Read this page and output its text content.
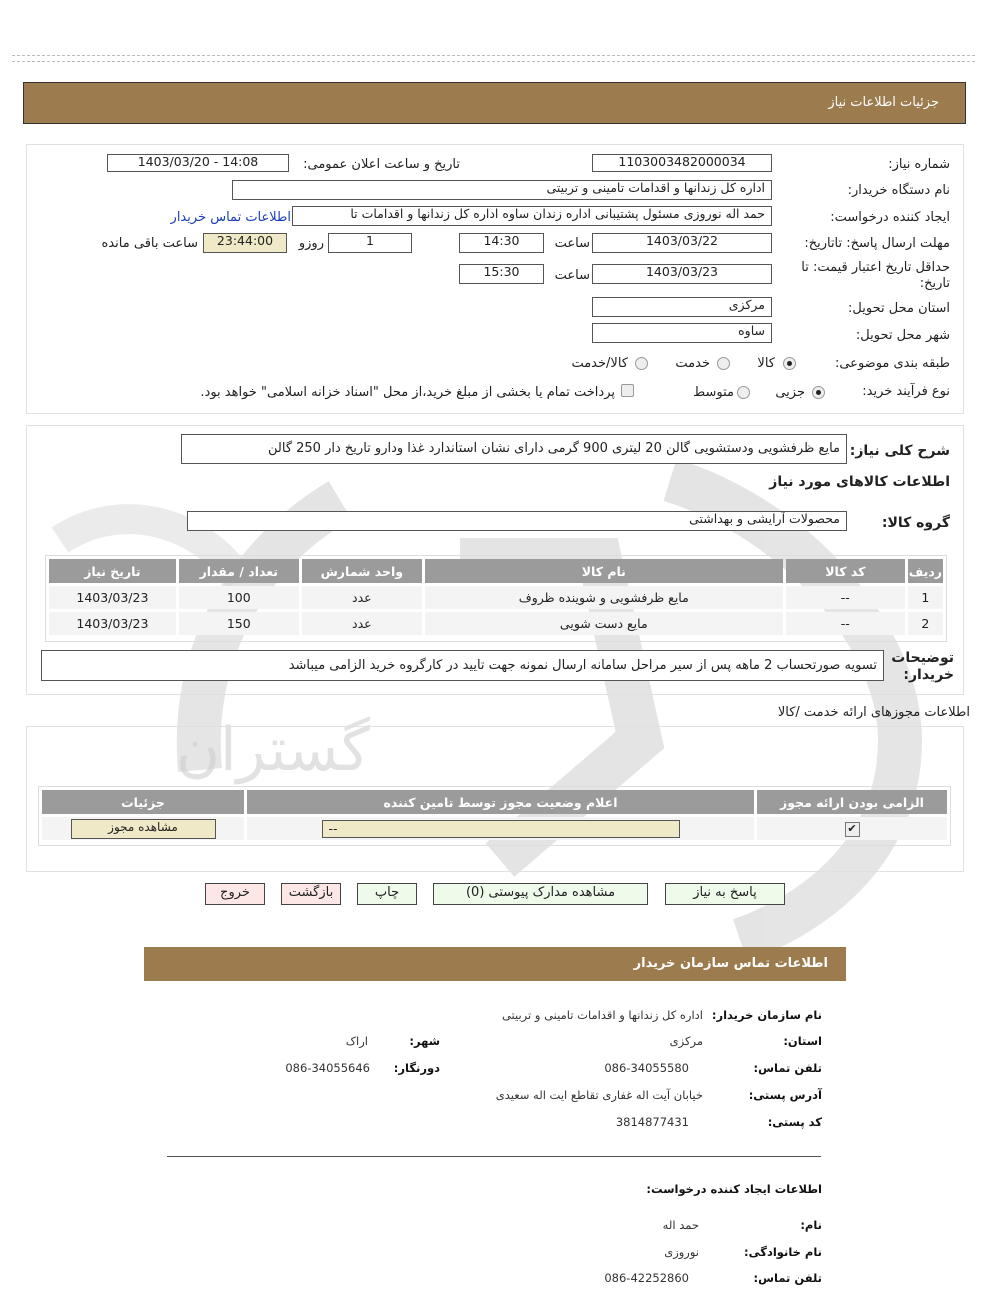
گستران
جزئیات اطلاعات نیاز
شماره نیاز:
1103003482000034
تاریخ و ساعت اعلان عمومی:
1403/03/20 - 14:08
نام دستگاه خریدار:
اداره کل زندانها و اقدامات تامینی و تربیتی
ایجاد کننده درخواست:
حمد اله نوروزی مسئول پشتیبانی اداره زندان ساوه اداره کل زندانها و اقدامات تا
اطلاعات تماس خریدار
مهلت ارسال پاسخ: تاتاریخ:
1403/03/22
ساعت
14:30
1
روزو
23:44:00
ساعت باقی مانده
حداقل تاریخ اعتبار قیمت: تا تاریخ:
1403/03/23
ساعت
15:30
استان محل تحویل:
مرکزی
شهر محل تحویل:
ساوه
طبقه بندی موضوعی:
کالا
خدمت
کالا/خدمت
نوع فرآیند خرید:
جزیی
متوسط
پرداخت تمام یا بخشی از مبلغ خرید،از محل "اسناد خزانه اسلامی" خواهد بود.
شرح کلی نیاز:
مایع ظرفشویی ودستشویی گالن 20 لیتری 900 گرمی دارای نشان استاندارد غذا ودارو تاریخ دار 250 گالن
اطلاعات کالاهای مورد نیاز
گروه کالا:
محصولات آرایشی و بهداشتی
ردیف	کد کالا	نام کالا	واحد شمارش	تعداد / مقدار	تاریخ نیاز
1	--	مایع ظرفشویی و شوینده ظروف	عدد	100	1403/03/23
2	--	مایع دست شویی	عدد	150	1403/03/23
توضیحات خریدار:
تسویه صورتحساب 2 ماهه پس از سیر مراحل سامانه ارسال نمونه جهت تایید در کارگروه خرید الزامی میباشد
اطلاعات مجوزهای ارائه خدمت /کالا
الزامی بودن ارائه مجوز	اعلام وضعیت مجوز توسط تامین کننده	جزئیات
✔	--	مشاهده مجوز
پاسخ به نیاز
مشاهده مدارک پیوستی (0)
چاپ
بازگشت
خروج
اطلاعات تماس سازمان خریدار
نام سازمان خریدار:
اداره کل زندانها و اقدامات تامینی و تربیتی
استان:
مرکزی
شهر:
اراک
تلفن تماس:
086-34055580
دورنگار:
086-34055646
آدرس پستی:
خیابان آیت اله غفاری تقاطع ایت اله سعیدی
کد پستی:
3814877431
اطلاعات ایجاد کننده درخواست:
نام:
حمد اله
نام خانوادگی:
نوروزی
تلفن تماس:
086-42252860
